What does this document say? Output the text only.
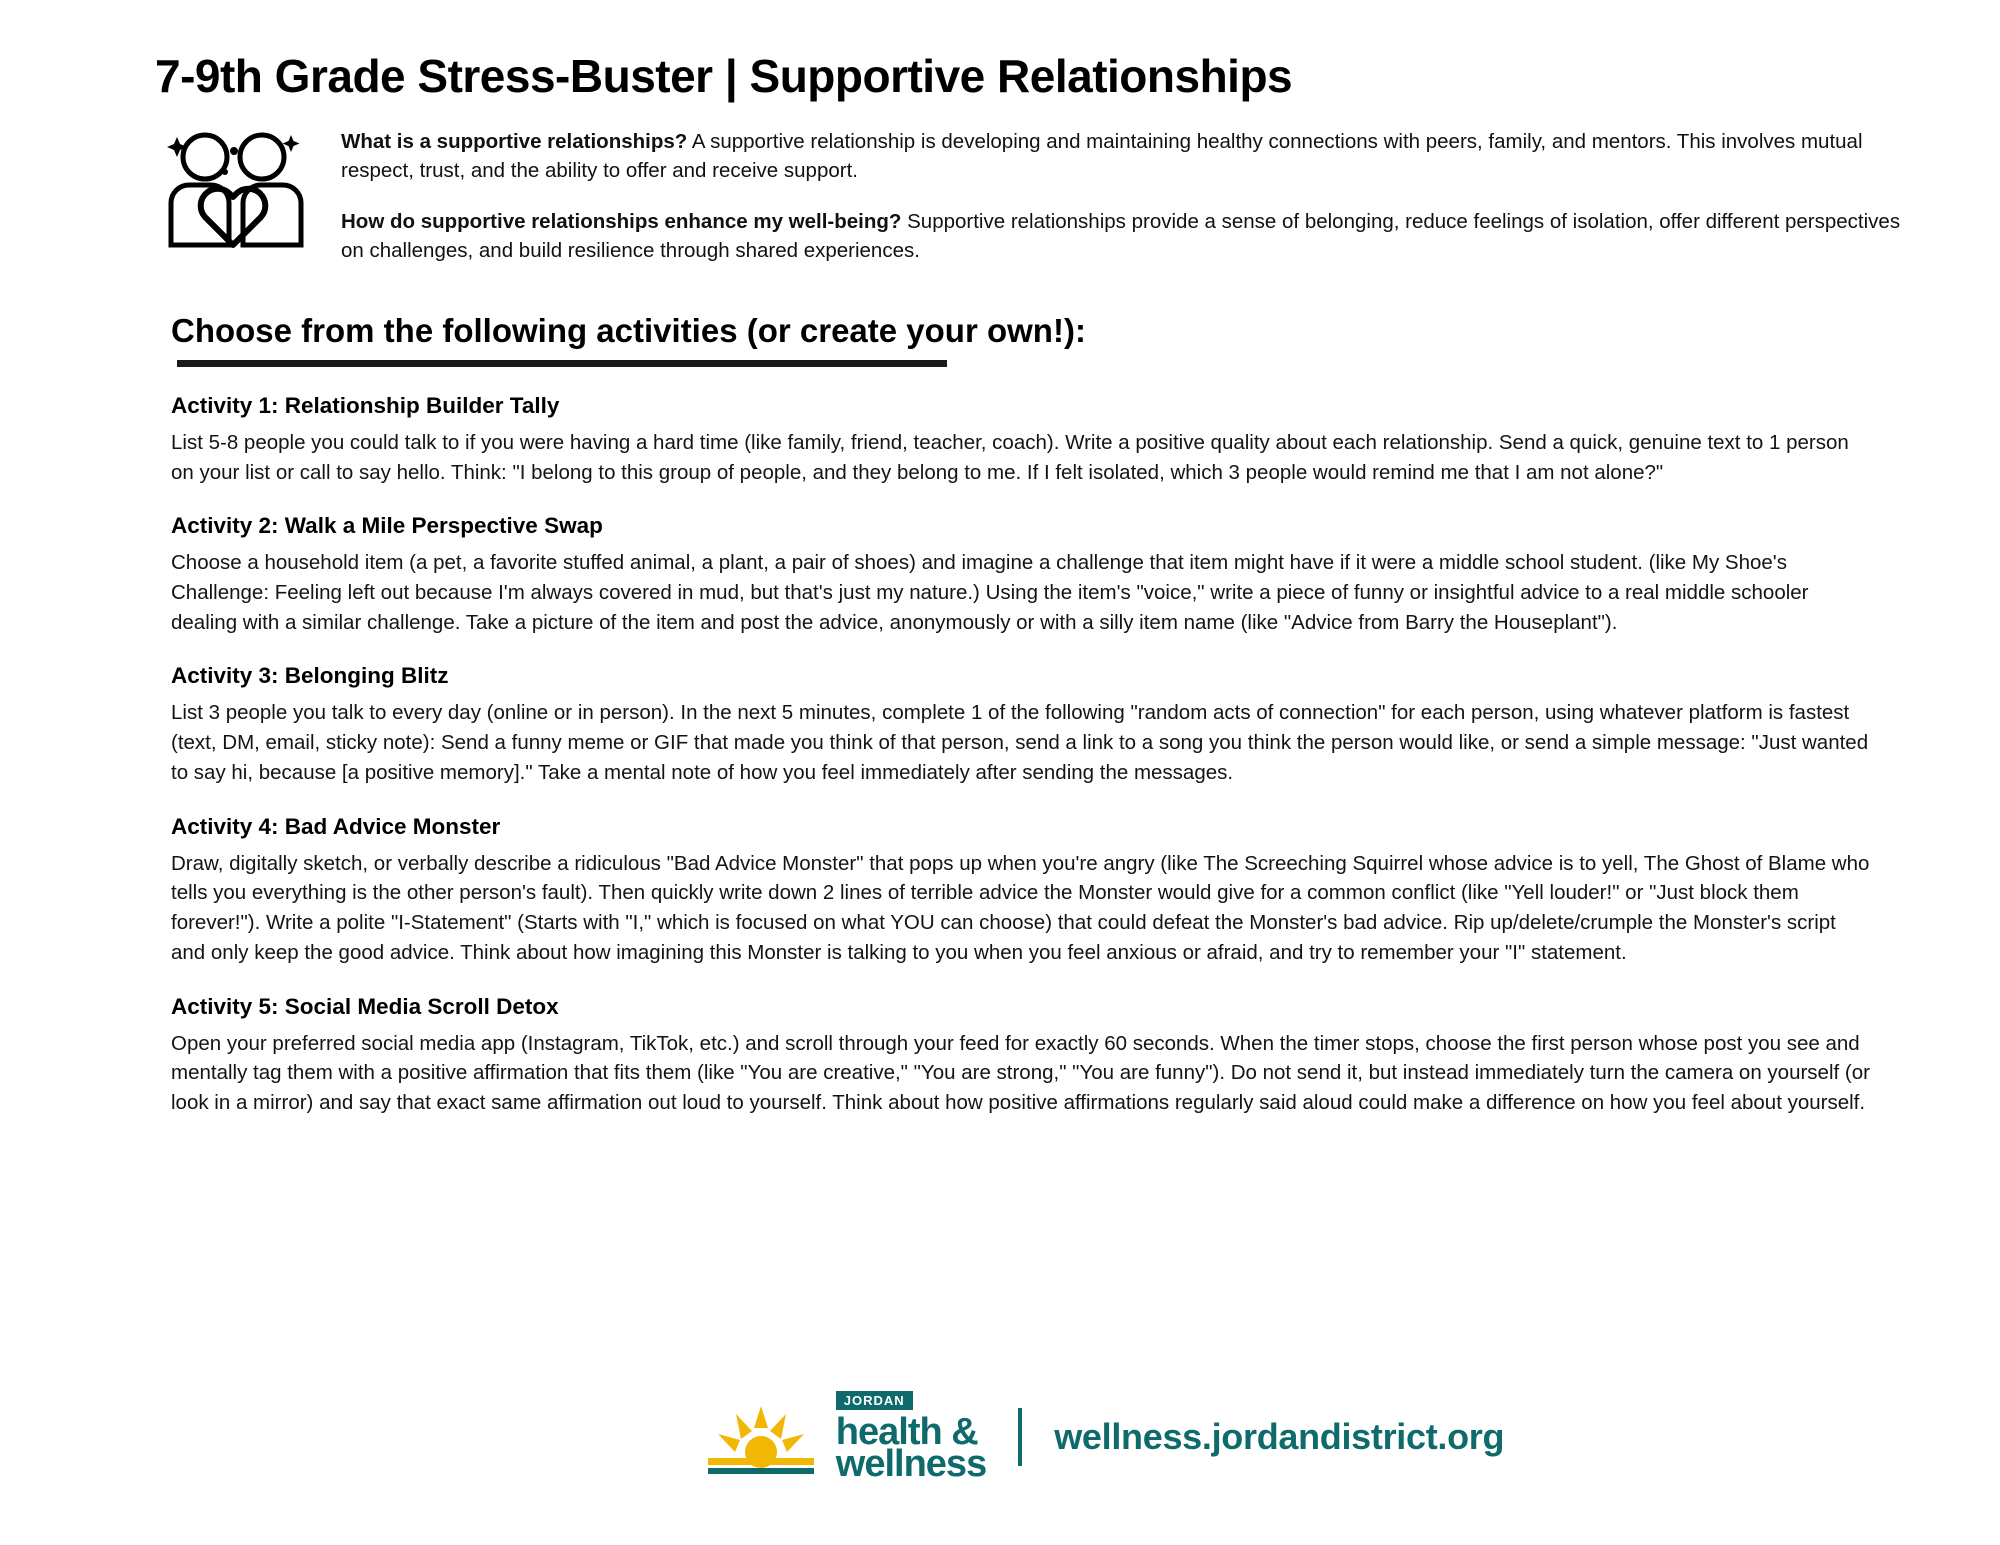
7-9th Grade Stress-Buster | Supportive Relationships

What is a supportive relationships? A supportive relationship is developing and maintaining healthy connections with peers, family, and mentors. This involves mutual respect, trust, and the ability to offer and receive support.

How do supportive relationships enhance my well-being? Supportive relationships provide a sense of belonging, reduce feelings of isolation, offer different perspectives on challenges, and build resilience through shared experiences.

Choose from the following activities (or create your own!):
Activity 1: Relationship Builder Tally

List 5-8 people you could talk to if you were having a hard time (like family, friend, teacher, coach). Write a positive quality about each relationship. Send a quick, genuine text to 1 person on your list or call to say hello. Think: "I belong to this group of people, and they belong to me. If I felt isolated, which 3 people would remind me that I am not alone?"

Activity 2: Walk a Mile Perspective Swap

Choose a household item (a pet, a favorite stuffed animal, a plant, a pair of shoes) and imagine a challenge that item might have if it were a middle school student. (like My Shoe's Challenge: Feeling left out because I'm always covered in mud, but that's just my nature.) Using the item's "voice," write a piece of funny or insightful advice to a real middle schooler dealing with a similar challenge. Take a picture of the item and post the advice, anonymously or with a silly item name (like "Advice from Barry the Houseplant").

Activity 3: Belonging Blitz

List 3 people you talk to every day (online or in person). In the next 5 minutes, complete 1 of the following "random acts of connection" for each person, using whatever platform is fastest (text, DM, email, sticky note): Send a funny meme or GIF that made you think of that person, send a link to a song you think the person would like, or send a simple message: "Just wanted to say hi, because [a positive memory]." Take a mental note of how you feel immediately after sending the messages.

Activity 4: Bad Advice Monster

Draw, digitally sketch, or verbally describe a ridiculous "Bad Advice Monster" that pops up when you're angry (like The Screeching Squirrel whose advice is to yell, The Ghost of Blame who tells you everything is the other person's fault). Then quickly write down 2 lines of terrible advice the Monster would give for a common conflict (like "Yell louder!" or "Just block them forever!"). Write a polite "I-Statement" (Starts with "I," which is focused on what YOU can choose) that could defeat the Monster's bad advice. Rip up/delete/crumple the Monster's script and only keep the good advice. Think about how imagining this Monster is talking to you when you feel anxious or afraid, and try to remember your "I" statement.

Activity 5: Social Media Scroll Detox

Open your preferred social media app (Instagram, TikTok, etc.) and scroll through your feed for exactly 60 seconds. When the timer stops, choose the first person whose post you see and mentally tag them with a positive affirmation that fits them (like "You are creative," "You are strong," "You are funny"). Do not send it, but instead immediately turn the camera on yourself (or look in a mirror) and say that exact same affirmation out loud to yourself. Think about how positive affirmations regularly said aloud could make a difference on how you feel about yourself.

JORDAN
health &
wellness
wellness.jordandistrict.org
